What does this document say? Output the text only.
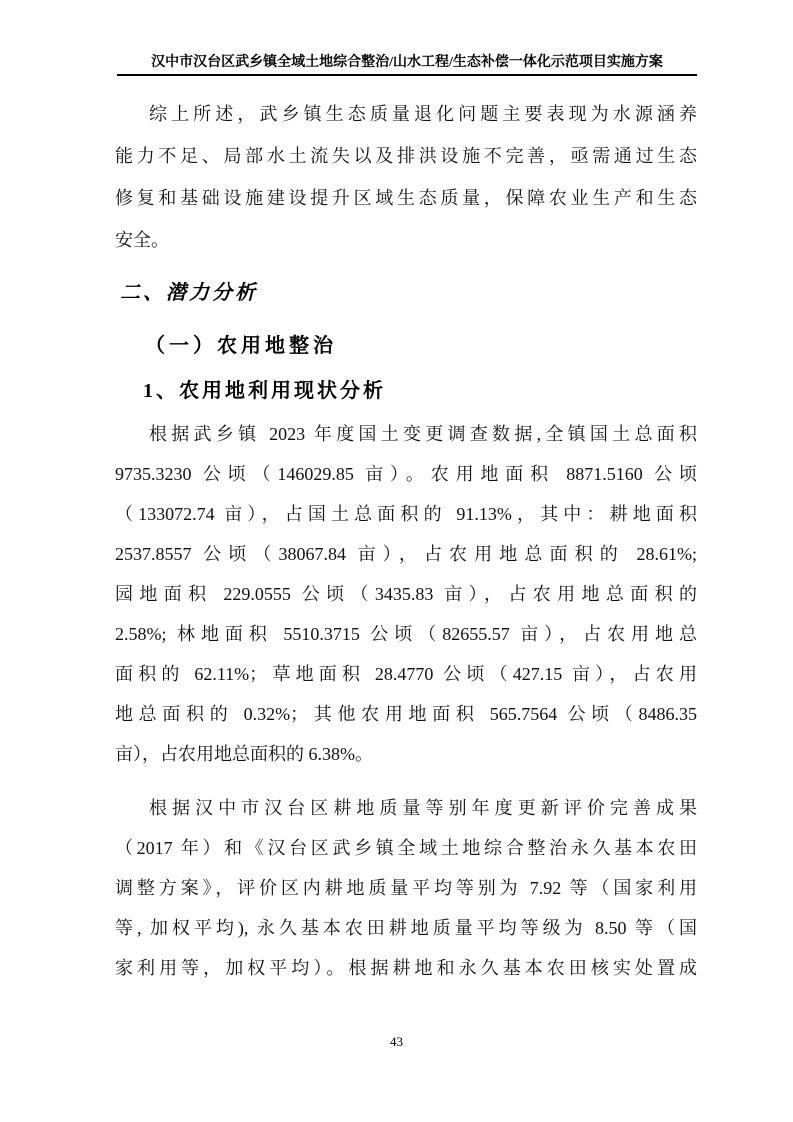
汉中市汉台区武乡镇全域土地综合整治/山水工程/生态补偿一体化示范项目实施方案
综上所述，武乡镇生态质量退化问题主要表现为水源涵养
能力不足、局部水土流失以及排洪设施不完善，亟需通过生态
修复和基础设施建设提升区域生态质量，保障农业生产和生态
安全。
二、潜力分析
（一）农用地整治
1、农用地利用现状分析
根据武乡镇 2023 年度国土变更调查数据,全镇国土总面积
9735.3230 公顷（146029.85 亩）。农用地面积 8871.5160 公顷
（133072.74 亩），占国土总面积的 91.13%，其中：耕地面积
2537.8557 公顷（38067.84 亩），占农用地总面积的 28.61%;
园地面积 229.0555 公顷（3435.83 亩），占农用地总面积的
2.58%; 林地面积 5510.3715 公顷（82655.57 亩），占农用地总
面积的 62.11%；草地面积 28.4770 公顷（427.15 亩），占农用
地总面积的 0.32%；其他农用地面积 565.7564 公顷（8486.35
亩），占农用地总面积的 6.38%。
根据汉中市汉台区耕地质量等别年度更新评价完善成果
（2017 年）和《汉台区武乡镇全域土地综合整治永久基本农田
调整方案》，评价区内耕地质量平均等别为 7.92 等（国家利用
等, 加权平均), 永久基本农田耕地质量平均等级为 8.50 等（国
家利用等，加权平均）。根据耕地和永久基本农田核实处置成
43
